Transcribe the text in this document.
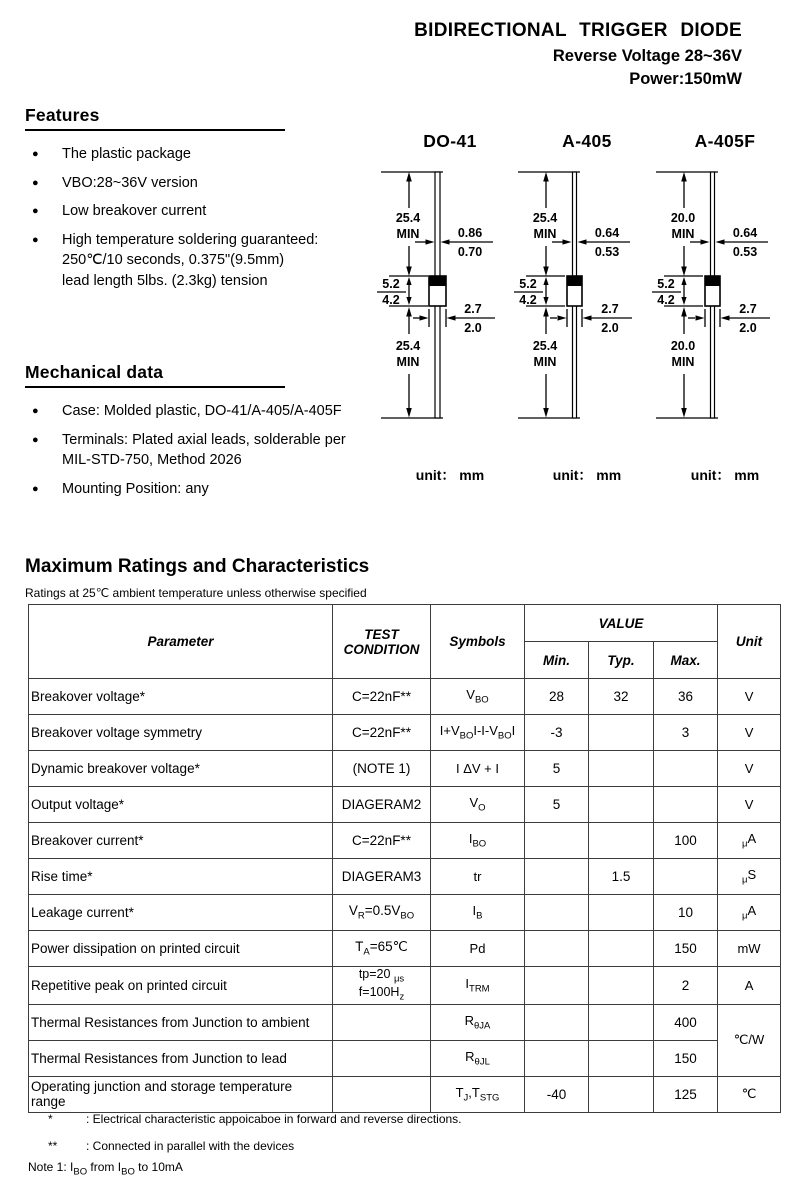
BIDIRECTIONAL TRIGGER DIODE
Reverse Voltage 28~36V
Power:150mW
Features
●
The plastic package
●
VBO:28~36V version
●
Low breakover current
●
High temperature soldering guaranteed:
250℃/10 seconds, 0.375"(9.5mm)
lead length 5lbs. (2.3kg) tension
Mechanical data
●
Case: Molded plastic, DO-41/A-405/A-405F
●
Terminals: Plated axial leads, solderable per
MIL-STD-750, Method 2026
●
Mounting Position: any
DO-41
25.4
MIN
5.2
4.2
0.86
0.70
2.7
2.0
25.4
MIN
unit： mm
A-405
25.4
MIN
5.2
4.2
0.64
0.53
2.7
2.0
25.4
MIN
unit： mm
A-405F
20.0
MIN
5.2
4.2
0.64
0.53
2.7
2.0
20.0
MIN
unit： mm
Maximum Ratings and Characteristics
Ratings at 25℃ ambient temperature unless otherwise specified
Parameter	TEST
CONDITION	Symbols	VALUE			Unit
			Min.	Typ.	Max.	
Breakover voltage*	C=22nF**	$V_{BO}$	28	32	36	V
Breakover voltage symmetry	C=22nF**	$I+V_{BO}I-I-V_{BO}I$	-3		3	V
Dynamic breakover voltage*	(NOTE 1)	I ΔV + I	5			V
Output voltage*	DIAGERAM2	$V_O$	5			V
Breakover current*	C=22nF**	$I_{BO}$			100	$_\mu$A
Rise time*	DIAGERAM3	tr		1.5		$_\mu$S
Leakage current*	$V_R=0.5V_{BO}$	$I_B$			10	$_\mu$A
Power dissipation on printed circuit	$T_A=65℃$	Pd			150	mW
Repetitive peak on printed circuit	tp=20 $_{\mu s}$
$f=100H_z$	$I_{TRM}$			2	A
Thermal Resistances from Junction to ambient		$R_{\theta JA}$			400	℃/W
Thermal Resistances from Junction to lead		$R_{\theta JL}$			150	
Operating junction and storage temperature range		$T_J,T_{STG}$	-40		125	℃
*	: Electrical characteristic appoicaboe in forward and reverse directions.
**	: Connected in parallel with the devices
Note 1: $I_{BO}$ from $I_{BO}$ to 10mA
